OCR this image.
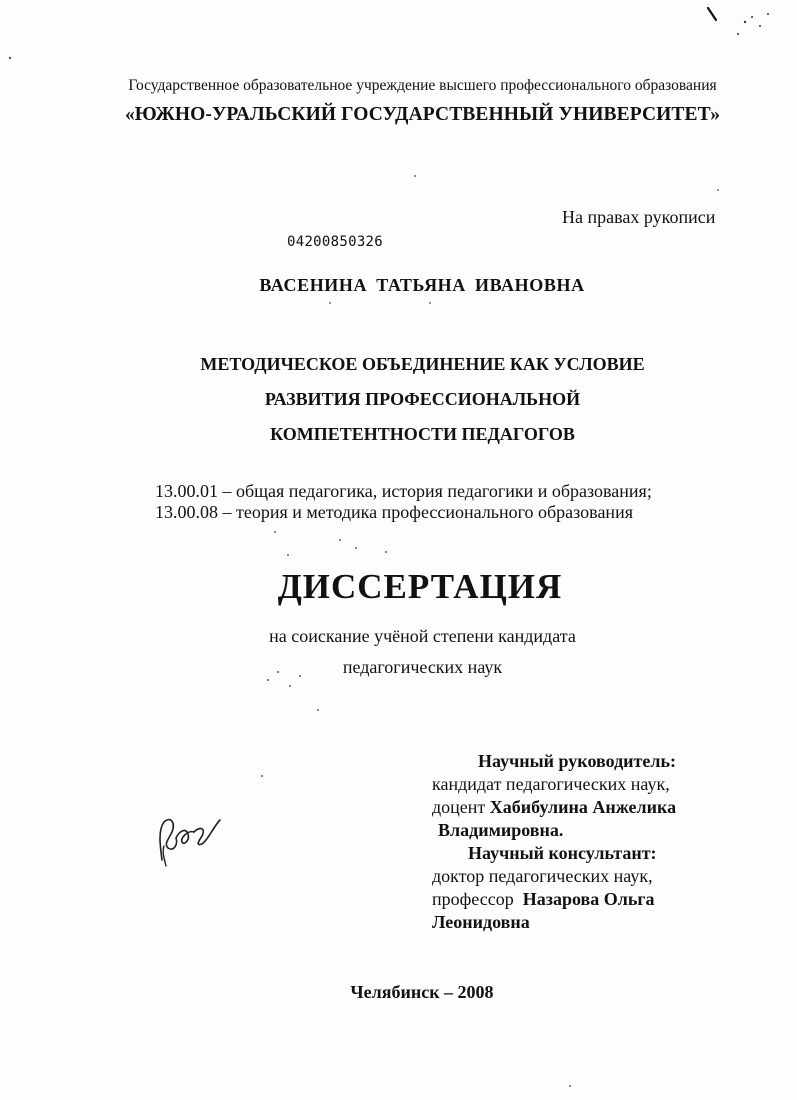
Государственное образовательное учреждение высшего профессионального образования
«ЮЖНО-УРАЛЬСКИЙ ГОСУДАРСТВЕННЫЙ УНИВЕРСИТЕТ»
На правах рукописи
04200850326
ВАСЕНИНА ТАТЬЯНА ИВАНОВНА
МЕТОДИЧЕСКОЕ ОБЪЕДИНЕНИЕ КАК УСЛОВИЕ
РАЗВИТИЯ ПРОФЕССИОНАЛЬНОЙ
КОМПЕТЕНТНОСТИ ПЕДАГОГОВ
13.00.01 – общая педагогика, история педагогики и образования;
13.00.08 – теория и методика профессионального образования
ДИССЕРТАЦИЯ
на соискание учёной степени кандидата
педагогических наук
Научный руководитель:
кандидат педагогических наук,
доцент Хабибулина Анжелика
Владимировна.
Научный консультант:
доктор педагогических наук,
профессор Назарова Ольга
Леонидовна
Челябинск – 2008
